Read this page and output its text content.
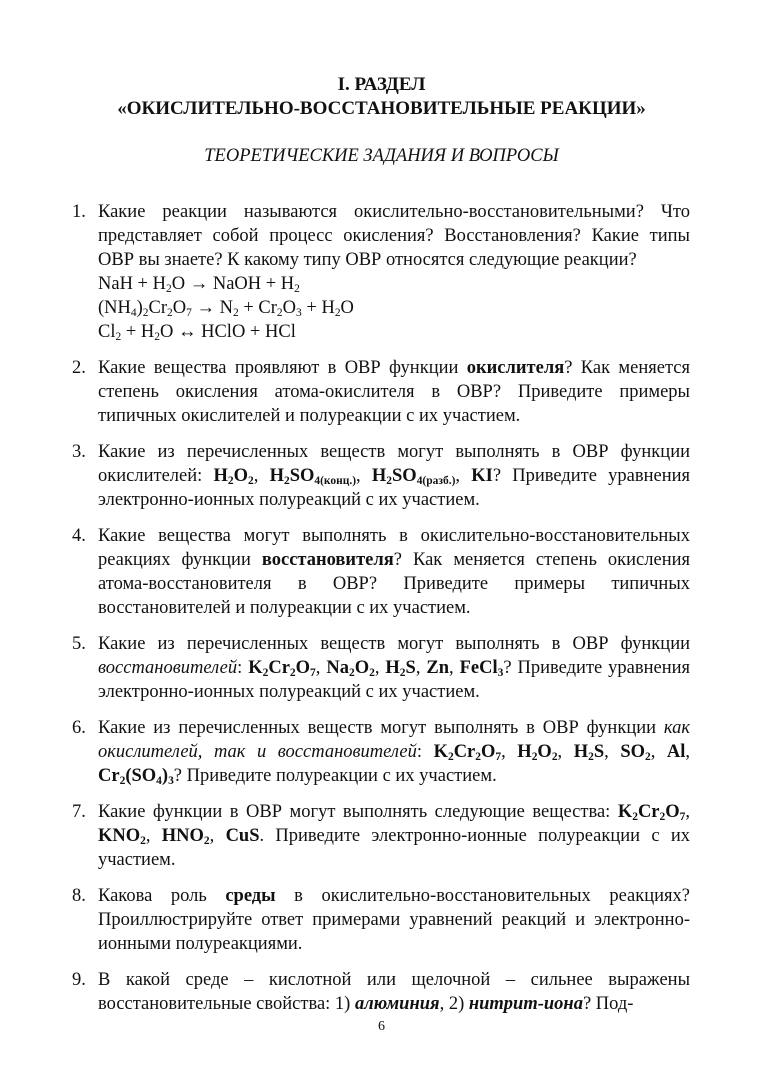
I. РАЗДЕЛ
«ОКИСЛИТЕЛЬНО-ВОССТАНОВИТЕЛЬНЫЕ РЕАКЦИИ»
ТЕОРЕТИЧЕСКИЕ ЗАДАНИЯ И ВОПРОСЫ
1. Какие реакции называются окислительно-восстановительными? Что представляет собой процесс окисления? Восстановления? Какие типы ОВР вы знаете? К какому типу ОВР относятся следующие реакции?
NaH + $H_2O$ → NaOH + $H_2$
$(NH_4)_2Cr_2O_7 \to N_2 + Cr_2O_3 + H_2O$
$Cl_2 + H_2O$ ↔ HClO + HCl
2. Какие вещества проявляют в ОВР функции окислителя? Как меняется степень окисления атома-окислителя в ОВР? Приведите примеры типичных окислителей и полуреакции с их участием.
3. Какие из перечисленных веществ могут выполнять в ОВР функции окислителей: $H_2O_2$, $H_2SO_{4(конц.)}$, $H_2SO_{4(разб.)}$, KI? Приведите уравнения электронно-ионных полуреакций с их участием.
4. Какие вещества могут выполнять в окислительно-восстановительных реакциях функции восстановителя? Как меняется степень окисления атома-восстановителя в ОВР? Приведите примеры типичных восстановителей и полуреакции с их участием.
5. Какие из перечисленных веществ могут выполнять в ОВР функции восстановителей: $K_2Cr_2O_7$, $Na_2O_2$, $H_2S$, Zn, FeCl$_3$? Приведите уравнения электронно-ионных полуреакций с их участием.
6. Какие из перечисленных веществ могут выполнять в ОВР функции как окислителей, так и восстановителей: $K_2Cr_2O_7$, $H_2O_2$, $H_2S$, $SO_2$, Al, $Cr_2(SO_4)_3$? Приведите полуреакции с их участием.
7. Какие функции в ОВР могут выполнять следующие вещества: $K_2Cr_2O_7$, $KNO_2$, $HNO_2$, CuS. Приведите электронно-ионные полуреакции с их участием.
8. Какова роль среды в окислительно-восстановительных реакциях? Проиллюстрируйте ответ примерами уравнений реакций и электронно-ионными полуреакциями.
9. В какой среде – кислотной или щелочной – сильнее выражены восстановительные свойства: 1) алюминия, 2) нитрит-иона? Под-
6
